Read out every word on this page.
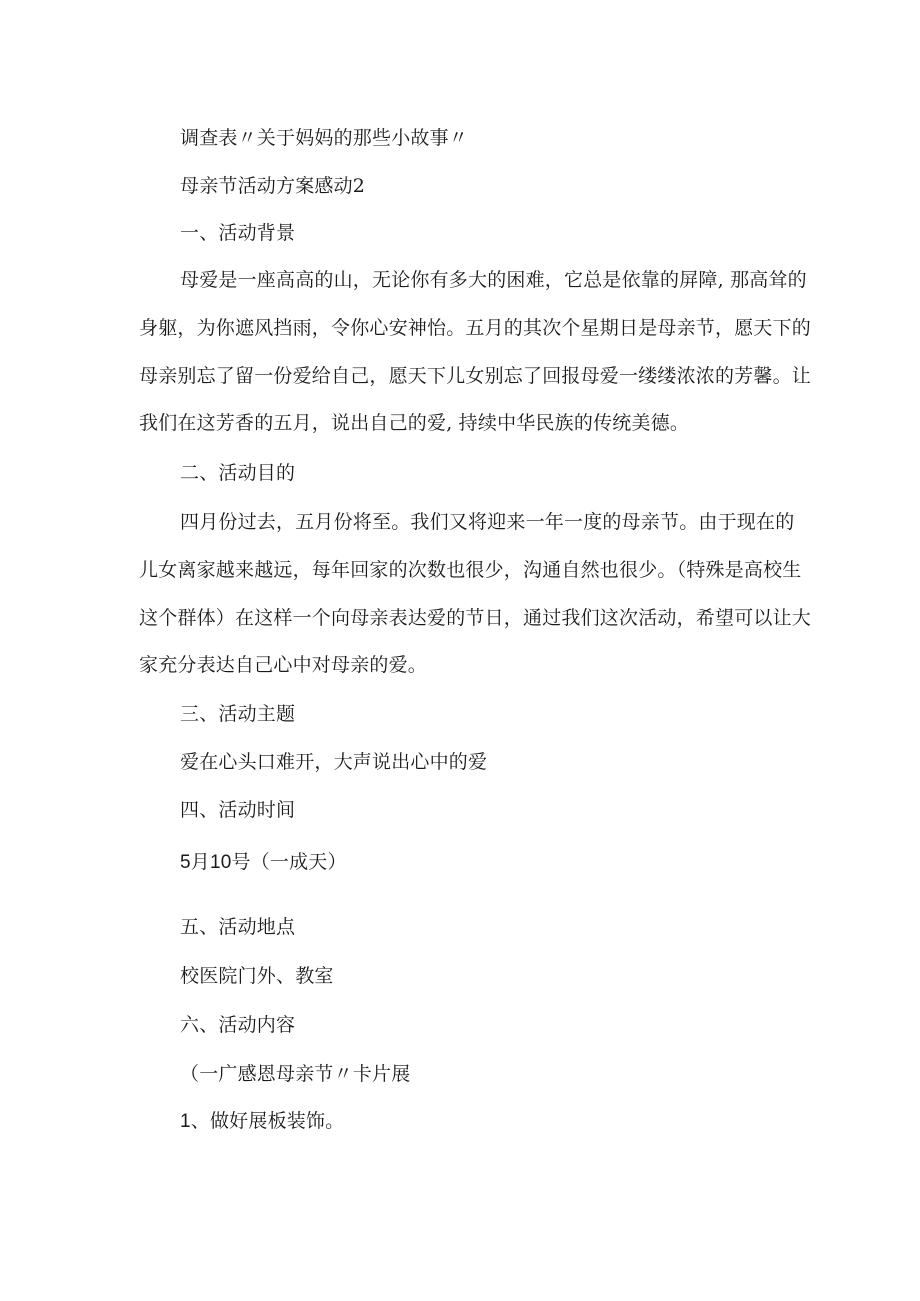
调查表〃关于妈妈的那些小故事〃
母亲节活动方案感动2
一、活动背景
母爱是一座高高的山，无论你有多大的困难，它总是依靠的屏障, 那高耸的
身躯，为你遮风挡雨，令你心安神怡。五月的其次个星期日是母亲节，愿天下的
母亲别忘了留一份爱给自己，愿天下儿女别忘了回报母爱一缕缕浓浓的芳馨。让
我们在这芳香的五月，说出自己的爱, 持续中华民族的传统美德。
二、活动目的
四月份过去，五月份将至。我们又将迎来一年一度的母亲节。由于现在的
儿女离家越来越远，每年回家的次数也很少，沟通自然也很少。（特殊是高校生
这个群体）在这样一个向母亲表达爱的节日，通过我们这次活动，希望可以让大
家充分表达自己心中对母亲的爱。
三、活动主题
爱在心头口难开，大声说出心中的爱
四、活动时间
5月10号（一成天）
五、活动地点
校医院门外、教室
六、活动内容
（一广感恩母亲节〃卡片展
1、做好展板装饰。
